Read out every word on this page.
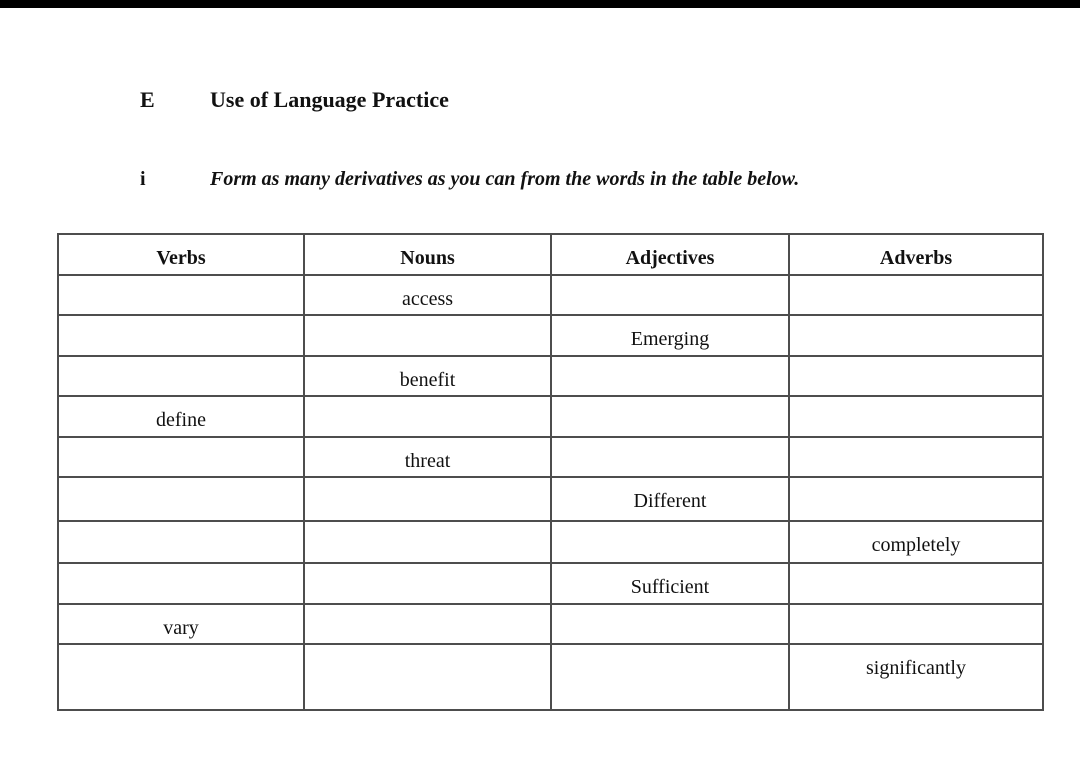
E	Use of Language Practice
i	Form as many derivatives as you can from the words in the table below.
Verbs	Nouns	Adjectives	Adverbs
	access		
		Emerging	
	benefit		
define			
	threat		
		Different	
			completely
		Sufficient	
vary			
			significantly
